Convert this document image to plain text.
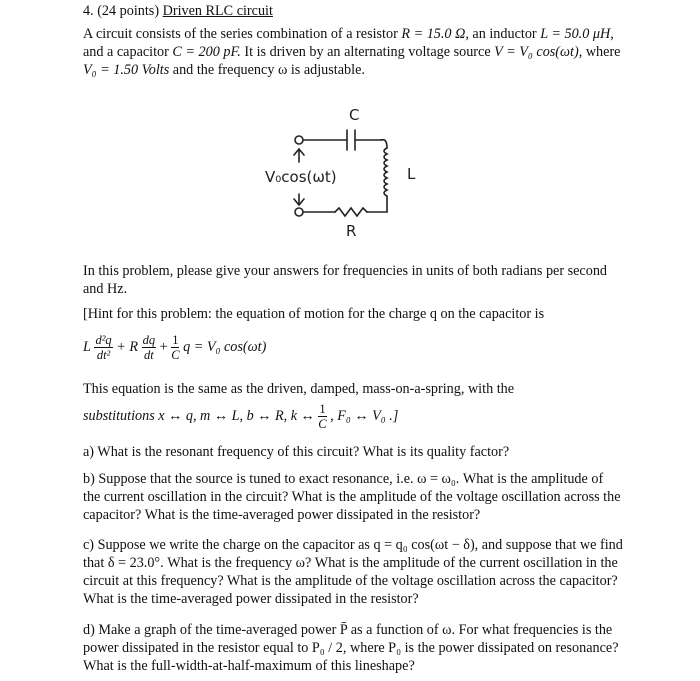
4. (24 points) Driven RLC circuit

A circuit consists of the series combination of a resistor R = 15.0 Ω, an inductor L = 50.0 μH, and a capacitor C = 200 pF. It is driven by an alternating voltage source V = V₀ cos(ωt), where V₀ = 1.50 Volts and the frequency ω is adjustable.

C
L
R
V₀cos(ωt)

In this problem, please give your answers for frequencies in units of both radians per second and Hz.

[Hint for this problem: the equation of motion for the charge q on the capacitor is

L $\frac{\text{d²q}}{\text{dt²}} + R \frac{dq}{dt} + \frac{1}{C}$ q = V₀ cos(ωt)

This equation is the same as the driven, damped, mass-on-a-spring, with the

substitutions x ↔ q, m ↔ L, b ↔ R, k ↔ $\frac{1}{C}$ , F₀ ↔ V₀ .]

a) What is the resonant frequency of this circuit? What is its quality factor?

b) Suppose that the source is tuned to exact resonance, i.e. ω = ω₀. What is the amplitude of the current oscillation in the circuit? What is the amplitude of the voltage oscillation across the capacitor? What is the time-averaged power dissipated in the resistor?

c) Suppose we write the charge on the capacitor as q = q₀ cos(ωt − δ), and suppose that we find that δ = 23.0°. What is the frequency ω? What is the amplitude of the current oscillation in the circuit at this frequency? What is the amplitude of the voltage oscillation across the capacitor? What is the time-averaged power dissipated in the resistor?

d) Make a graph of the time-averaged power P̄ as a function of ω. For what frequencies is the power dissipated in the resistor equal to P₀ / 2, where P₀ is the power dissipated on resonance? What is the full-width-at-half-maximum of this lineshape?
